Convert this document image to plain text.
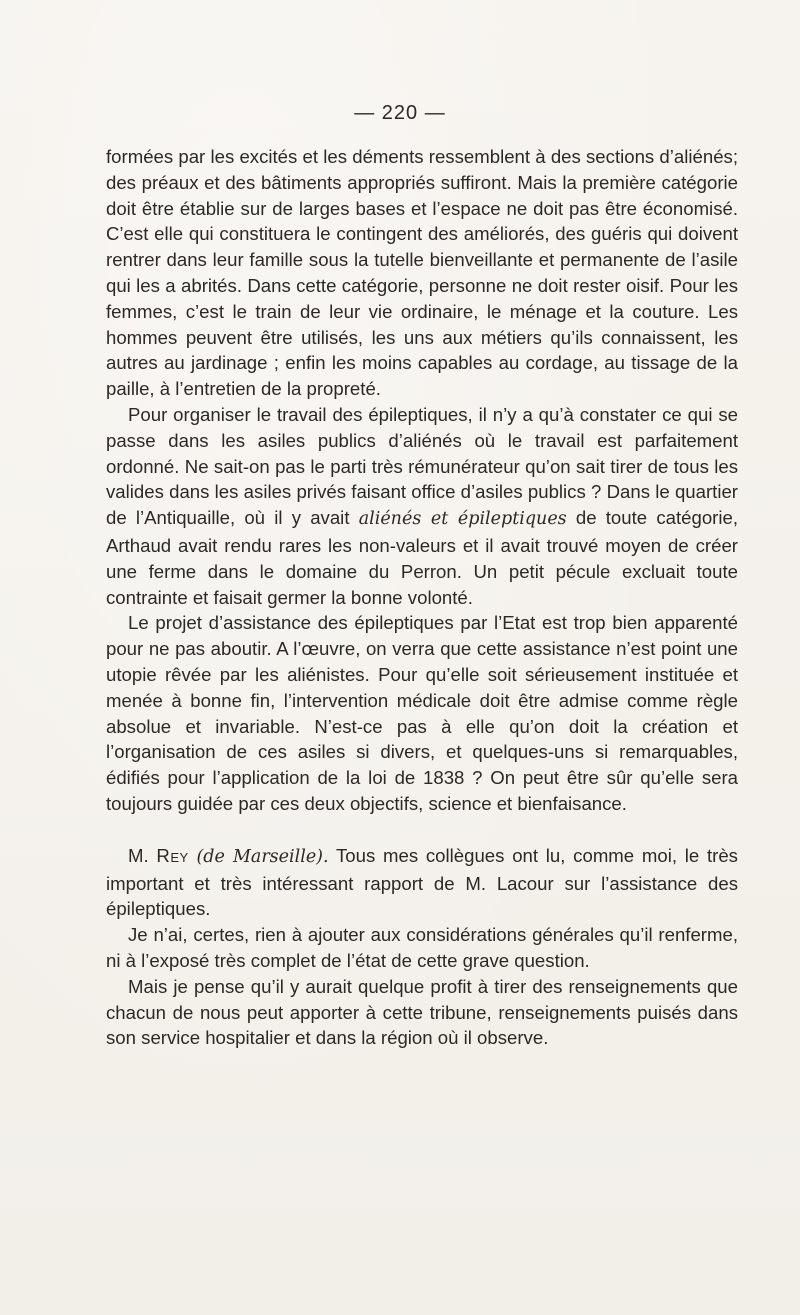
— 220 —

formées par les excités et les déments ressemblent à des sections d’aliénés; des préaux et des bâtiments appropriés suffiront. Mais la première catégorie doit être établie sur de larges bases et l’espace ne doit pas être économisé. C’est elle qui constituera le contingent des améliorés, des guéris qui doivent rentrer dans leur famille sous la tutelle bienveillante et permanente de l’asile qui les a abrités. Dans cette catégorie, personne ne doit rester oisif. Pour les femmes, c’est le train de leur vie ordinaire, le ménage et la couture. Les hommes peuvent être utilisés, les uns aux métiers qu’ils connaissent, les autres au jardinage ; enfin les moins capables au cordage, au tissage de la paille, à l’entretien de la propreté.

Pour organiser le travail des épileptiques, il n’y a qu’à constater ce qui se passe dans les asiles publics d’aliénés où le travail est parfaitement ordonné. Ne sait-on pas le parti très rémunérateur qu’on sait tirer de tous les valides dans les asiles privés faisant office d’asiles publics ? Dans le quartier de l’Antiquaille, où il y avait aliénés et épileptiques de toute catégorie, Arthaud avait rendu rares les non-valeurs et il avait trouvé moyen de créer une ferme dans le domaine du Perron. Un petit pécule excluait toute contrainte et faisait germer la bonne volonté.

Le projet d’assistance des épileptiques par l’Etat est trop bien apparenté pour ne pas aboutir. A l’œuvre, on verra que cette assistance n’est point une utopie rêvée par les aliénistes. Pour qu’elle soit sérieusement instituée et menée à bonne fin, l’intervention médicale doit être admise comme règle absolue et invariable. N’est-ce pas à elle qu’on doit la création et l’organisation de ces asiles si divers, et quelques-uns si remarquables, édifiés pour l’application de la loi de 1838 ? On peut être sûr qu’elle sera toujours guidée par ces deux objectifs, science et bienfaisance.

M. Rey (de Marseille). Tous mes collègues ont lu, comme moi, le très important et très intéressant rapport de M. Lacour sur l’assistance des épileptiques.

Je n’ai, certes, rien à ajouter aux considérations générales qu’il renferme, ni à l’exposé très complet de l’état de cette grave question.

Mais je pense qu’il y aurait quelque profit à tirer des renseignements que chacun de nous peut apporter à cette tribune, renseignements puisés dans son service hospitalier et dans la région où il observe.
